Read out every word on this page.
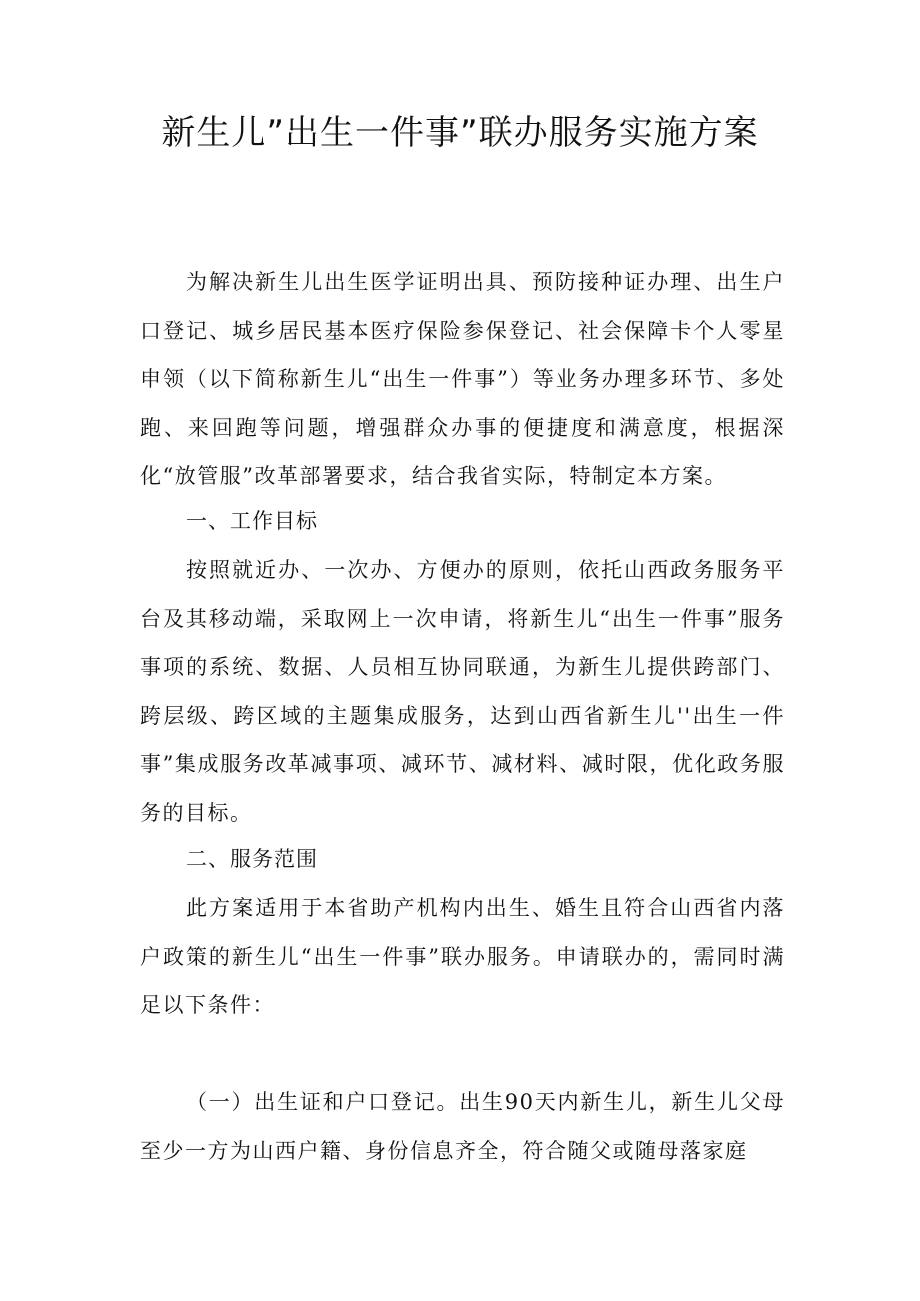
新生儿”出生一件事”联办服务实施方案

为解决新生儿出生医学证明出具、预防接种证办理、出生户口登记、城乡居民基本医疗保险参保登记、社会保障卡个人零星申领（以下简称新生儿“出生一件事”）等业务办理多环节、多处跑、来回跑等问题，增强群众办事的便捷度和满意度，根据深化“放管服”改革部署要求，结合我省实际，特制定本方案。

一、工作目标

按照就近办、一次办、方便办的原则，依托山西政务服务平台及其移动端，采取网上一次申请，将新生儿“出生一件事”服务事项的系统、数据、人员相互协同联通，为新生儿提供跨部门、跨层级、跨区域的主题集成服务，达到山西省新生儿''出生一件事”集成服务改革减事项、减环节、减材料、减时限，优化政务服务的目标。

二、服务范围

此方案适用于本省助产机构内出生、婚生且符合山西省内落户政策的新生儿“出生一件事”联办服务。申请联办的，需同时满足以下条件：

（一）出生证和户口登记。出生90天内新生儿，新生儿父母至少一方为山西户籍、身份信息齐全，符合随父或随母落家庭
